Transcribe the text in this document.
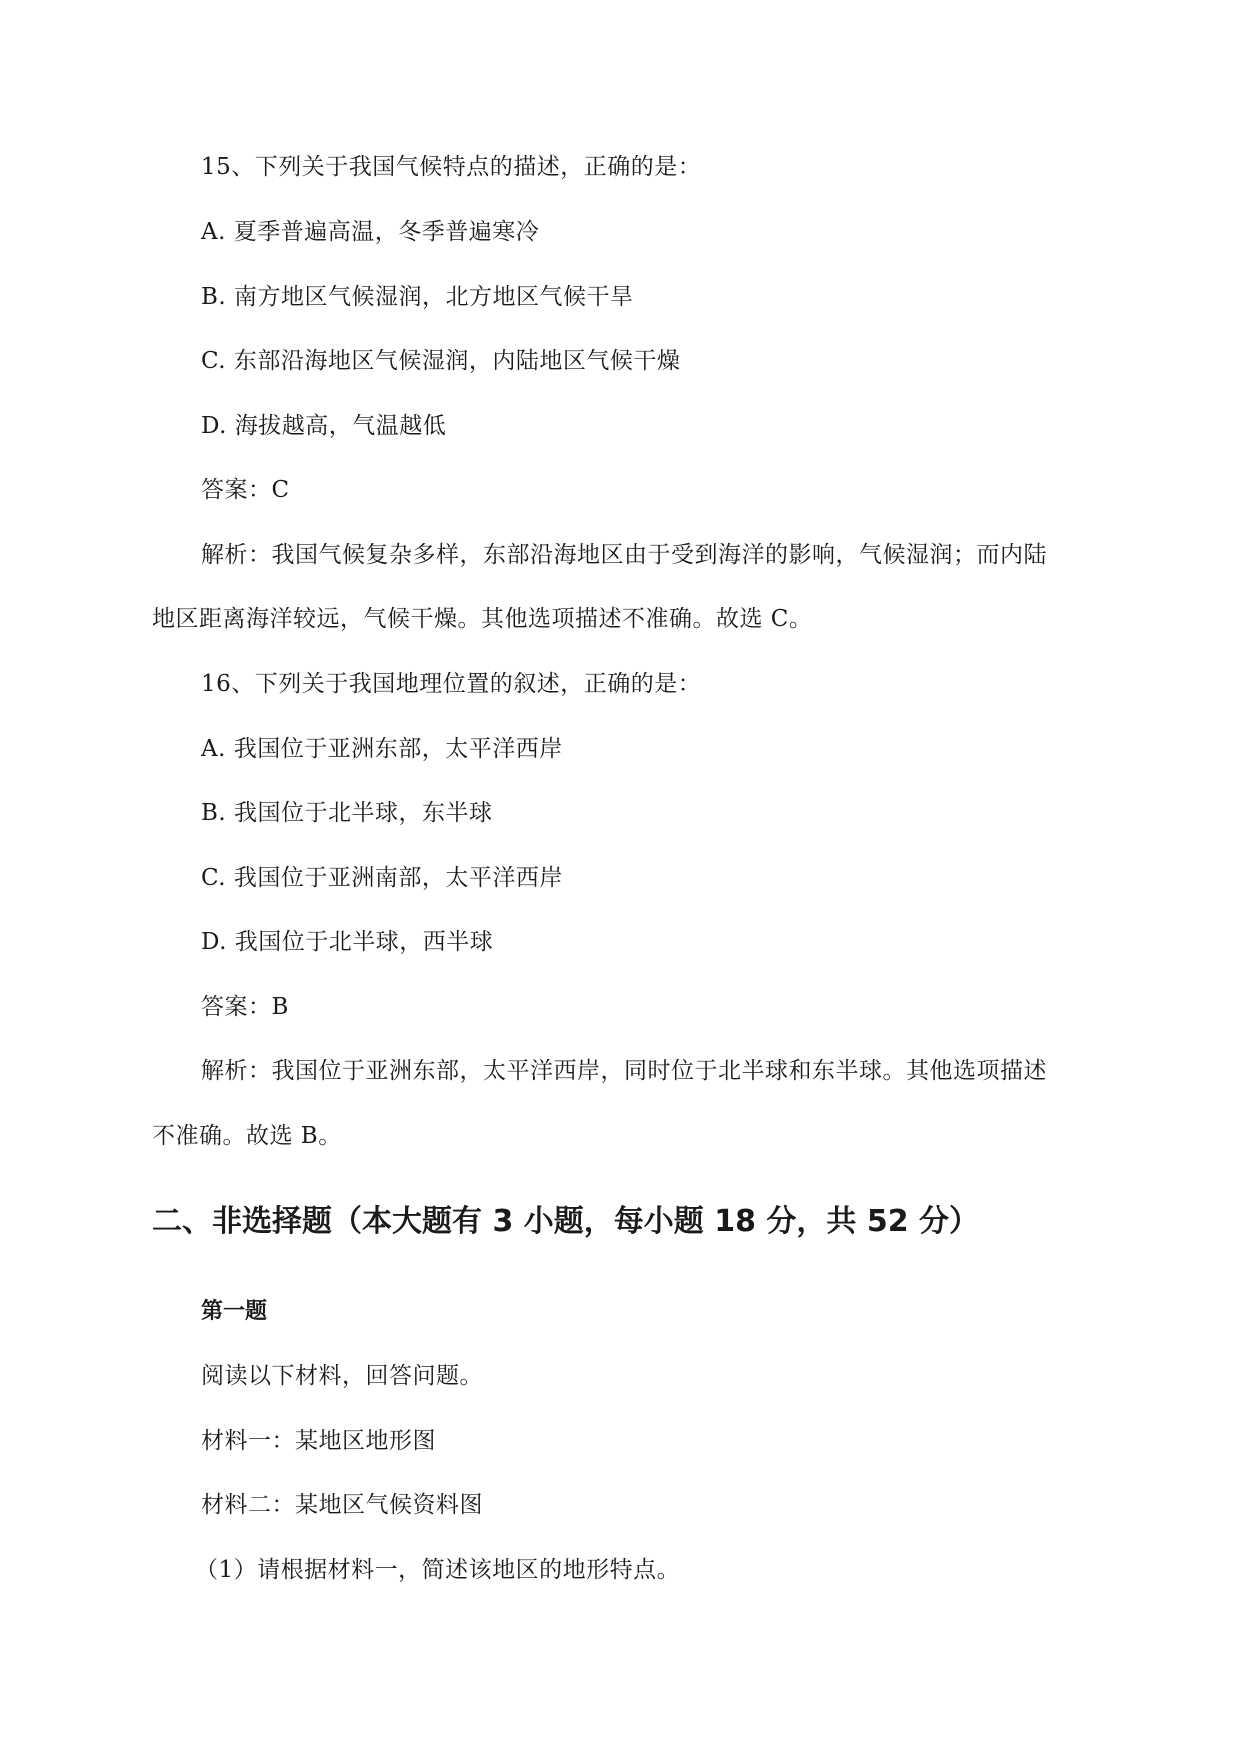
15、下列关于我国气候特点的描述，正确的是：
A. 夏季普遍高温，冬季普遍寒冷
B. 南方地区气候湿润，北方地区气候干旱
C. 东部沿海地区气候湿润，内陆地区气候干燥
D. 海拔越高，气温越低
答案：C
解析：我国气候复杂多样，东部沿海地区由于受到海洋的影响，气候湿润；而内陆
地区距离海洋较远，气候干燥。其他选项描述不准确。故选 C。
16、下列关于我国地理位置的叙述，正确的是：
A. 我国位于亚洲东部，太平洋西岸
B. 我国位于北半球，东半球
C. 我国位于亚洲南部，太平洋西岸
D. 我国位于北半球，西半球
答案：B
解析：我国位于亚洲东部，太平洋西岸，同时位于北半球和东半球。其他选项描述
不准确。故选 B。
二、非选择题（本大题有 3 小题，每小题 18 分，共 52 分）
第一题
阅读以下材料，回答问题。
材料一：某地区地形图
材料二：某地区气候资料图
（1）请根据材料一，简述该地区的地形特点。
